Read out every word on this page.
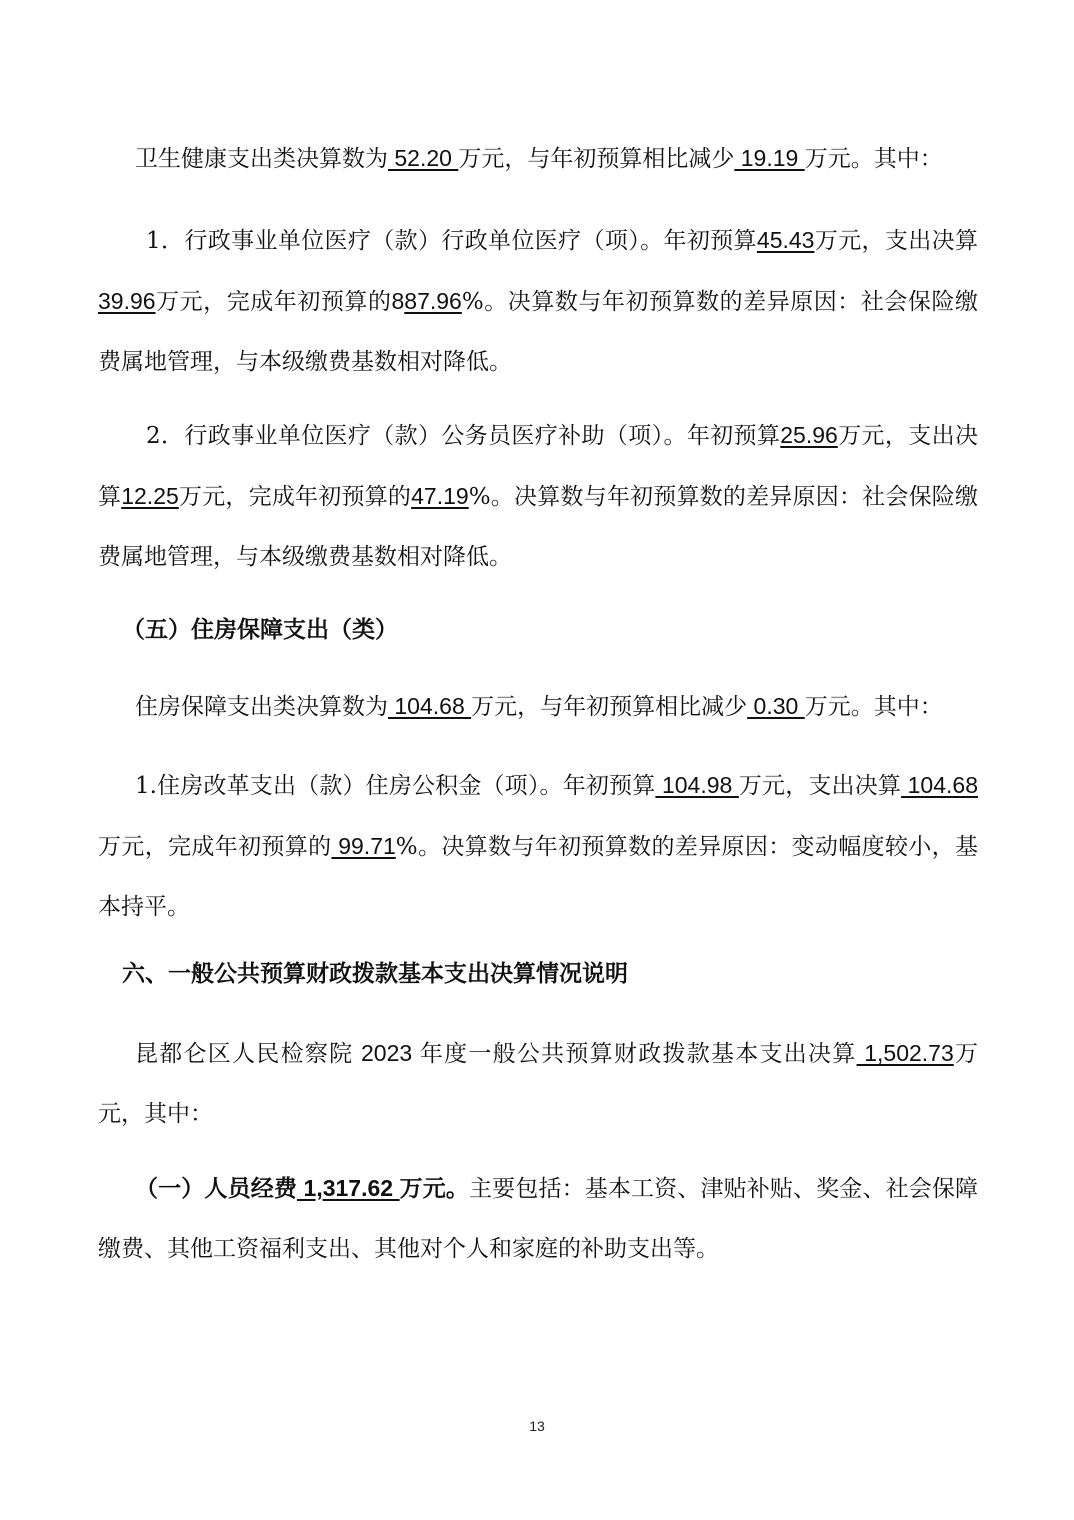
卫生健康支出类决算数为 52.20 万元，与年初预算相比减少 19.19 万元。其中：

1．行政事业单位医疗（款）行政单位医疗（项）。年初预算45.43万元，支出决算39.96万元，完成年初预算的887.96%。决算数与年初预算数的差异原因：社会保险缴费属地管理，与本级缴费基数相对降低。

2．行政事业单位医疗（款）公务员医疗补助（项）。年初预算25.96万元，支出决算12.25万元，完成年初预算的47.19%。决算数与年初预算数的差异原因：社会保险缴费属地管理，与本级缴费基数相对降低。

（五）住房保障支出（类）

住房保障支出类决算数为 104.68 万元，与年初预算相比减少 0.30 万元。其中：

1.住房改革支出（款）住房公积金（项）。年初预算 104.98 万元，支出决算 104.68万元，完成年初预算的 99.71%。决算数与年初预算数的差异原因：变动幅度较小，基本持平。

六、一般公共预算财政拨款基本支出决算情况说明

昆都仑区人民检察院 2023 年度一般公共预算财政拨款基本支出决算 1,502.73万元，其中：

（一）人员经费 1,317.62 万元。主要包括：基本工资、津贴补贴、奖金、社会保障缴费、其他工资福利支出、其他对个人和家庭的补助支出等。

13
